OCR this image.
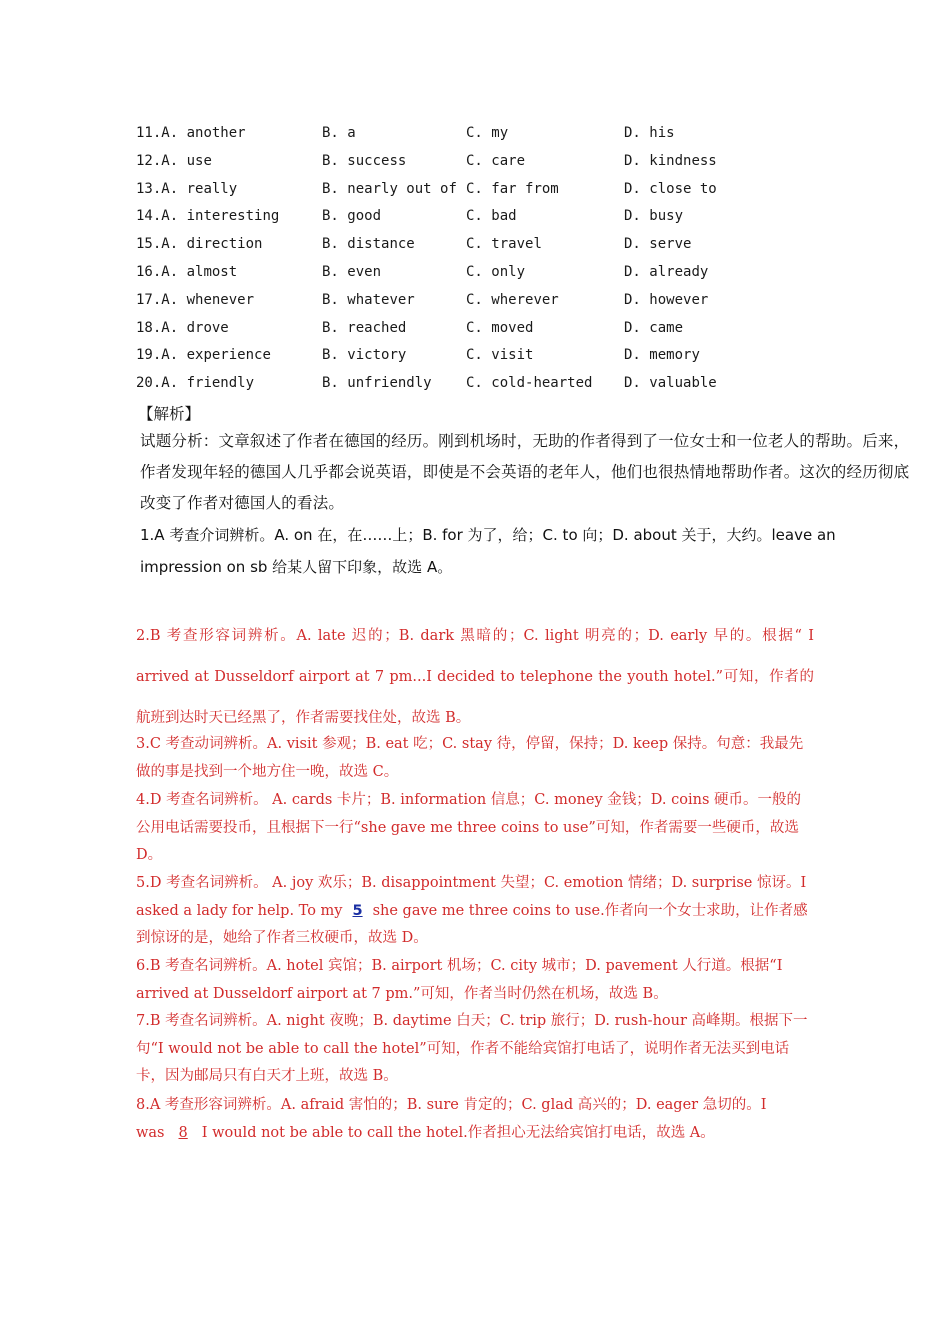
11.A. another	B. a	C. my	D. his
12.A. use	B. success	C. care	D. kindness
13.A. really	B. nearly out of C. far from	D. close to
14.A. interesting	B. good	C. bad	D. busy
15.A. direction	B. distance	C. travel	D. serve
16.A. almost	B. even	C. only	D. already
17.A. whenever	B. whatever	C. wherever	D. however
18.A. drove	B. reached	C. moved	D. came
19.A. experience	B. victory	C. visit	D. memory
20.A. friendly	B. unfriendly C. cold-hearted D. valuable
【解析】
试题分析：文章叙述了作者在德国的经历。刚到机场时，无助的作者得到了一位女士和一位老人的帮助。后来，作者发现年轻的德国人几乎都会说英语，即使是不会英语的老年人，他们也很热情地帮助作者。这次的经历彻底改变了作者对德国人的看法。
1.A 考查介词辨析。A. on 在，在……上；B. for 为了，给；C. to 向；D. about 关于，大约。leave an impression on sb 给某人留下印象，故选 A。
2.B 考查形容词辨析。A. late 迟的；B. dark 黑暗的；C. light 明亮的；D. early 早的。根据“ I arrived at Dusseldorf airport at 7 pm...I decided to telephone the youth hotel.”可知，作者的航班到达时天已经黑了，作者需要找住处，故选 B。
3.C 考查动词辨析。A. visit 参观；B. eat 吃；C. stay 待，停留，保持；D. keep 保持。句意：我最先做的事是找到一个地方住一晚，故选 C。
4.D 考查名词辨析。 A. cards 卡片；B. information 信息；C. money 金钱；D. coins 硬币。一般的公用电话需要投币，且根据下一行“she gave me three coins to use”可知，作者需要一些硬币，故选 D。
5.D 考查名词辨析。 A. joy 欢乐；B. disappointment 失望；C. emotion 情绪；D. surprise 惊讶。I asked a lady for help. To my 5 she gave me three coins to use.作者向一个女士求助，让作者感到惊讶的是，她给了作者三枚硬币，故选 D。
6.B 考查名词辨析。A. hotel 宾馆；B. airport 机场；C. city 城市；D. pavement 人行道。根据“I arrived at Dusseldorf airport at 7 pm.”可知，作者当时仍然在机场，故选 B。
7.B 考查名词辨析。A. night 夜晚；B. daytime 白天；C. trip 旅行；D. rush-hour 高峰期。根据下一句“I would not be able to call the hotel”可知，作者不能给宾馆打电话了，说明作者无法买到电话卡，因为邮局只有白天才上班，故选 B。
8.A 考查形容词辨析。A. afraid 害怕的；B. sure 肯定的；C. glad 高兴的；D. eager 急切的。I was 8 I would not be able to call the hotel.作者担心无法给宾馆打电话，故选 A。
